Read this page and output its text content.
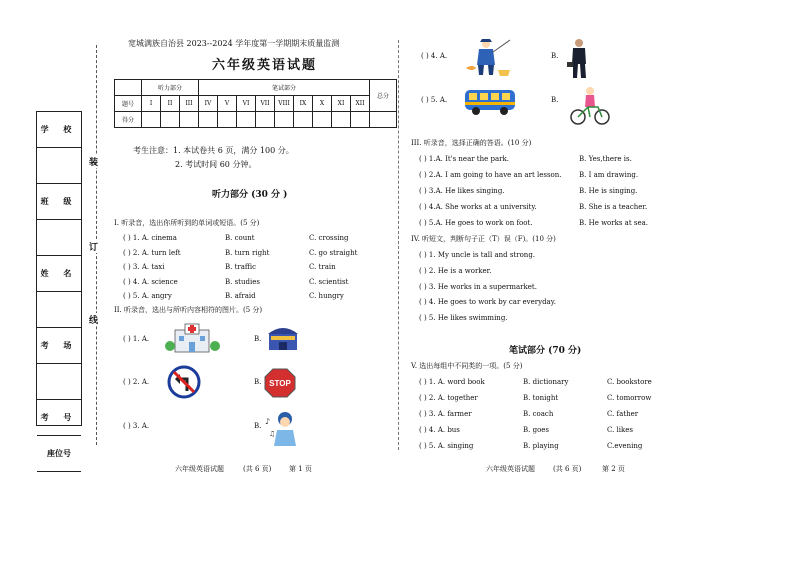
学 校
班 级
姓 名
考 场
考 号
座位号
装
订
线
宽城满族自治县 2023--2024 学年度第一学期期末质量监测
六年级英语试题
	听力部分			笔试部分									总分
题号	I	II	III	IV	V	VI	VII	VIII	IX	X	XI	XII	
得分													
考生注意：1. 本试卷共 6 页，满分 100 分。
2. 考试时间 60 分钟。
听力部分 (30 分 )
I. 听录音，选出你所听到的单词或短语。(5 分)
( ) 1. A. cinema	B. count	C. crossing
( ) 2. A. turn left	B. turn right	C. go straight
( ) 3. A. taxi	B. traffic	C. train
( ) 4. A. science	B. studies	C. scientist
( ) 5. A. angry	B. afraid	C. hungry
II. 听录音，选出与所听内容相符的图片。(5 分)
( ) 1. A.	B.
( ) 2. A.	B.
( ) 3. A.	B.
STOP
♪
♫
六年级英语试题	(共 6 页)	第 1 页
( ) 4. A.	B.
( ) 5. A.	B.
III. 听录音，选择正确的答语。(10 分)
( ) 1.A. It's near the park.	B. Yes,there is.
( ) 2.A. I am going to have an art lesson. B. I am drawing.
( ) 3.A. He likes singing.	B. He is singing.
( ) 4.A. She works at a university.	B. She is a teacher.
( ) 5.A. He goes to work on foot.	B. He works at sea.
IV. 听短文，判断句子正（T）误（F)。(10 分)
( ) 1. My uncle is tall and strong.
( ) 2. He is a worker.
( ) 3. He works in a supermarket.
( ) 4. He goes to work by car everyday.
( ) 5. He likes swimming.
笔试部分 (70 分)
V. 选出每组中不同类的一项。(5 分)
( ) 1. A. word book	B. dictionary	C. bookstore
( ) 2. A. together	B. tonight	C. tomorrow
( ) 3. A. farmer	B. coach	C. father
( ) 4. A. bus	B. goes	C. likes
( ) 5. A. singing	B. playing	C.evening
六年级英语试题	(共 6 页)	第 2 页
